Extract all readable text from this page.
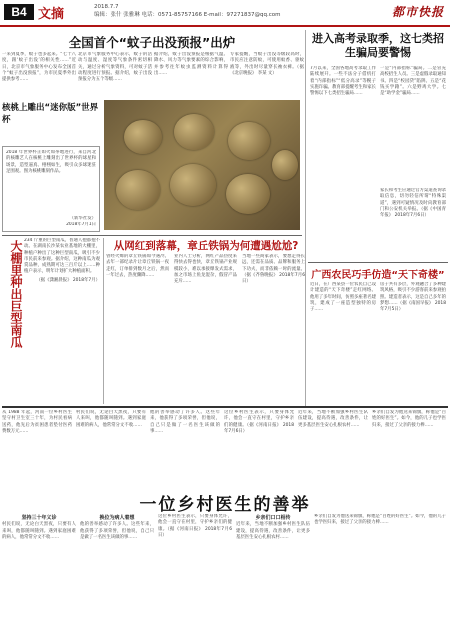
B4 文摘	2018.7.7
编辑：张什 张雅琳 电话：0571-85757166 E-mail：97271837@qq.com	都市快报
全国首个“蚊子出没预报”出炉
一来到夏季，蚊子也多起来。“七十八度，跟‘蚊子出没’的相关性……”近日，北京市气象服务中心发布全国首个“蚊子出没预报”，为市民夏季外出提供参考……
北京市气象服务中心表示，蚊子的活动与温度、湿度等气象条件密切相关，通过分析气象资料，可对蚊子活动程度进行预报。据介绍，蚊子出没预报分为五个等级……
据介绍，蚊子出没预报是根据气温、降水、风力等气象要素的综合影响，并参考往年蚊虫监测资料计算得出……
专家提醒，当蚊子出没等级较高时，市民应注意防蚊，可使用蚊香、驱蚊液等，外出时尽量穿长袖衣裤。（据《北京晚报》 李某 文）
核桃上雕出“迷你版”世界杯
2018 年世界杯正如火如荼地进行，来自河北的核雕艺人在核桃上雕刻出了世界杯的球星和场景，造型逼真、栩栩如生，吸引众多球迷驻足围观。图为核桃雕刻作品。
（新华社发）
2018年7月1日
进入高考录取季，这七类招生骗局要警惕
7月以来，全国各地高考录取工作陆续展开。一些不法分子借机打着“内部指标”“低分高录”等幌子实施诈骗。教育部提醒考生和家长警惕以下七类招生骗局……
一是“内部指标”骗局。二是冒充高校招生人员。三是虚假录取通知书。四是“校园贷”陷阱。五是“花钱买学籍”。六是野鸡大学。七是“助学金”骗局……
家长和考生应通过官方渠道查询录取信息，切勿轻信所谓“特殊渠道”，遇到可疑情况及时向教育部门和公安机关举报。（据《中国青年报》 2018年7月6日）
大棚里种出巨型南瓜 234 斤重的巨型南瓜，普通人抱都抱不动。在湖南长沙某农业基地的大棚里，种植户种出了这种巨型南瓜，吸引不少市民前来参观。据介绍，这种南瓜为观赏品种，成熟期可达三百斤以上……种植户表示，明年计划扩大种植面积。
（据《潇湘晨报》 2018年7月）
从网红到落幕，章丘铁锅为何遭遇尬尬?
曾经火爆的章丘铁锅如今遇冷。去年一部纪录片让章丘铁锅一夜走红，订单排到数月之后，然而一年过去，热度骤降……
业内人士分析，网红产品热度来得快去得也快，章丘铁锅产业规模较小，难以承接爆发式需求，加之市场上鱼龙混杂，假冒产品充斥……
当地一些商家表示，要想走得长远，还需在品质、品牌和服务上下功夫，而非依赖一时的流量。（据《齐鲁晚报》 2018年7月6日）
广西农民巧手仿造“天下奇楼”
近日，在广西某县一位农民自己设计建造的“天下奇楼”走红网络。他用了多年时间，仿照多座著名建筑，建成了一座造型独特的房子……
房子共有多层，外观融合了多种建筑风格，吸引不少游客前来参观拍照。建造者表示，这是自己多年的梦想……（据《南国早报》 2018年7月5日）
从 1988 年起，河南一位乡村医生坚守村卫生室三十年，为村民看病送药，他先后为贫困患者垫付医药费数万元……
村民们说，无论白天黑夜，只要有人来叫，他都随叫随到。遇到家庭困难的病人，他常常分文不收……
他的善举感动了许多人。这些年来，他获得了多项荣誉，但他说，自己只是做了一名医生该做的事……
这位乡村医生表示，只要身体允许，他会一直守在村里，守护乡亲们的健康。（据《河南日报》 2018年7月6日）
近年来，当地不断加强乡村医生队伍建设，提高待遇，改善条件，让更多基层医生安心扎根农村……
乡亲们自发为他送来锦旗，称他是“百姓的好医生”。如今，他的儿子也学医归来，接过了父亲的接力棒……
一位乡村医生的善举
坚持三十年义诊
村民们说，无论白天黑夜，只要有人来叫，他都随叫随到。遇到家庭困难的病人，他常常分文不收……
换位为病人着想
他的善举感动了许多人。这些年来，他获得了多项荣誉，但他说，自己只是做了一名医生该做的事……
这位乡村医生表示，只要身体允许，他会一直守在村里，守护乡亲们的健康。（据《河南日报》 2018年7月6日）
乡亲们口口相传
近年来，当地不断加强乡村医生队伍建设，提高待遇，改善条件，让更多基层医生安心扎根农村……
乡亲们自发为他送来锦旗，称他是“百姓的好医生”。如今，他的儿子也学医归来，接过了父亲的接力棒……
